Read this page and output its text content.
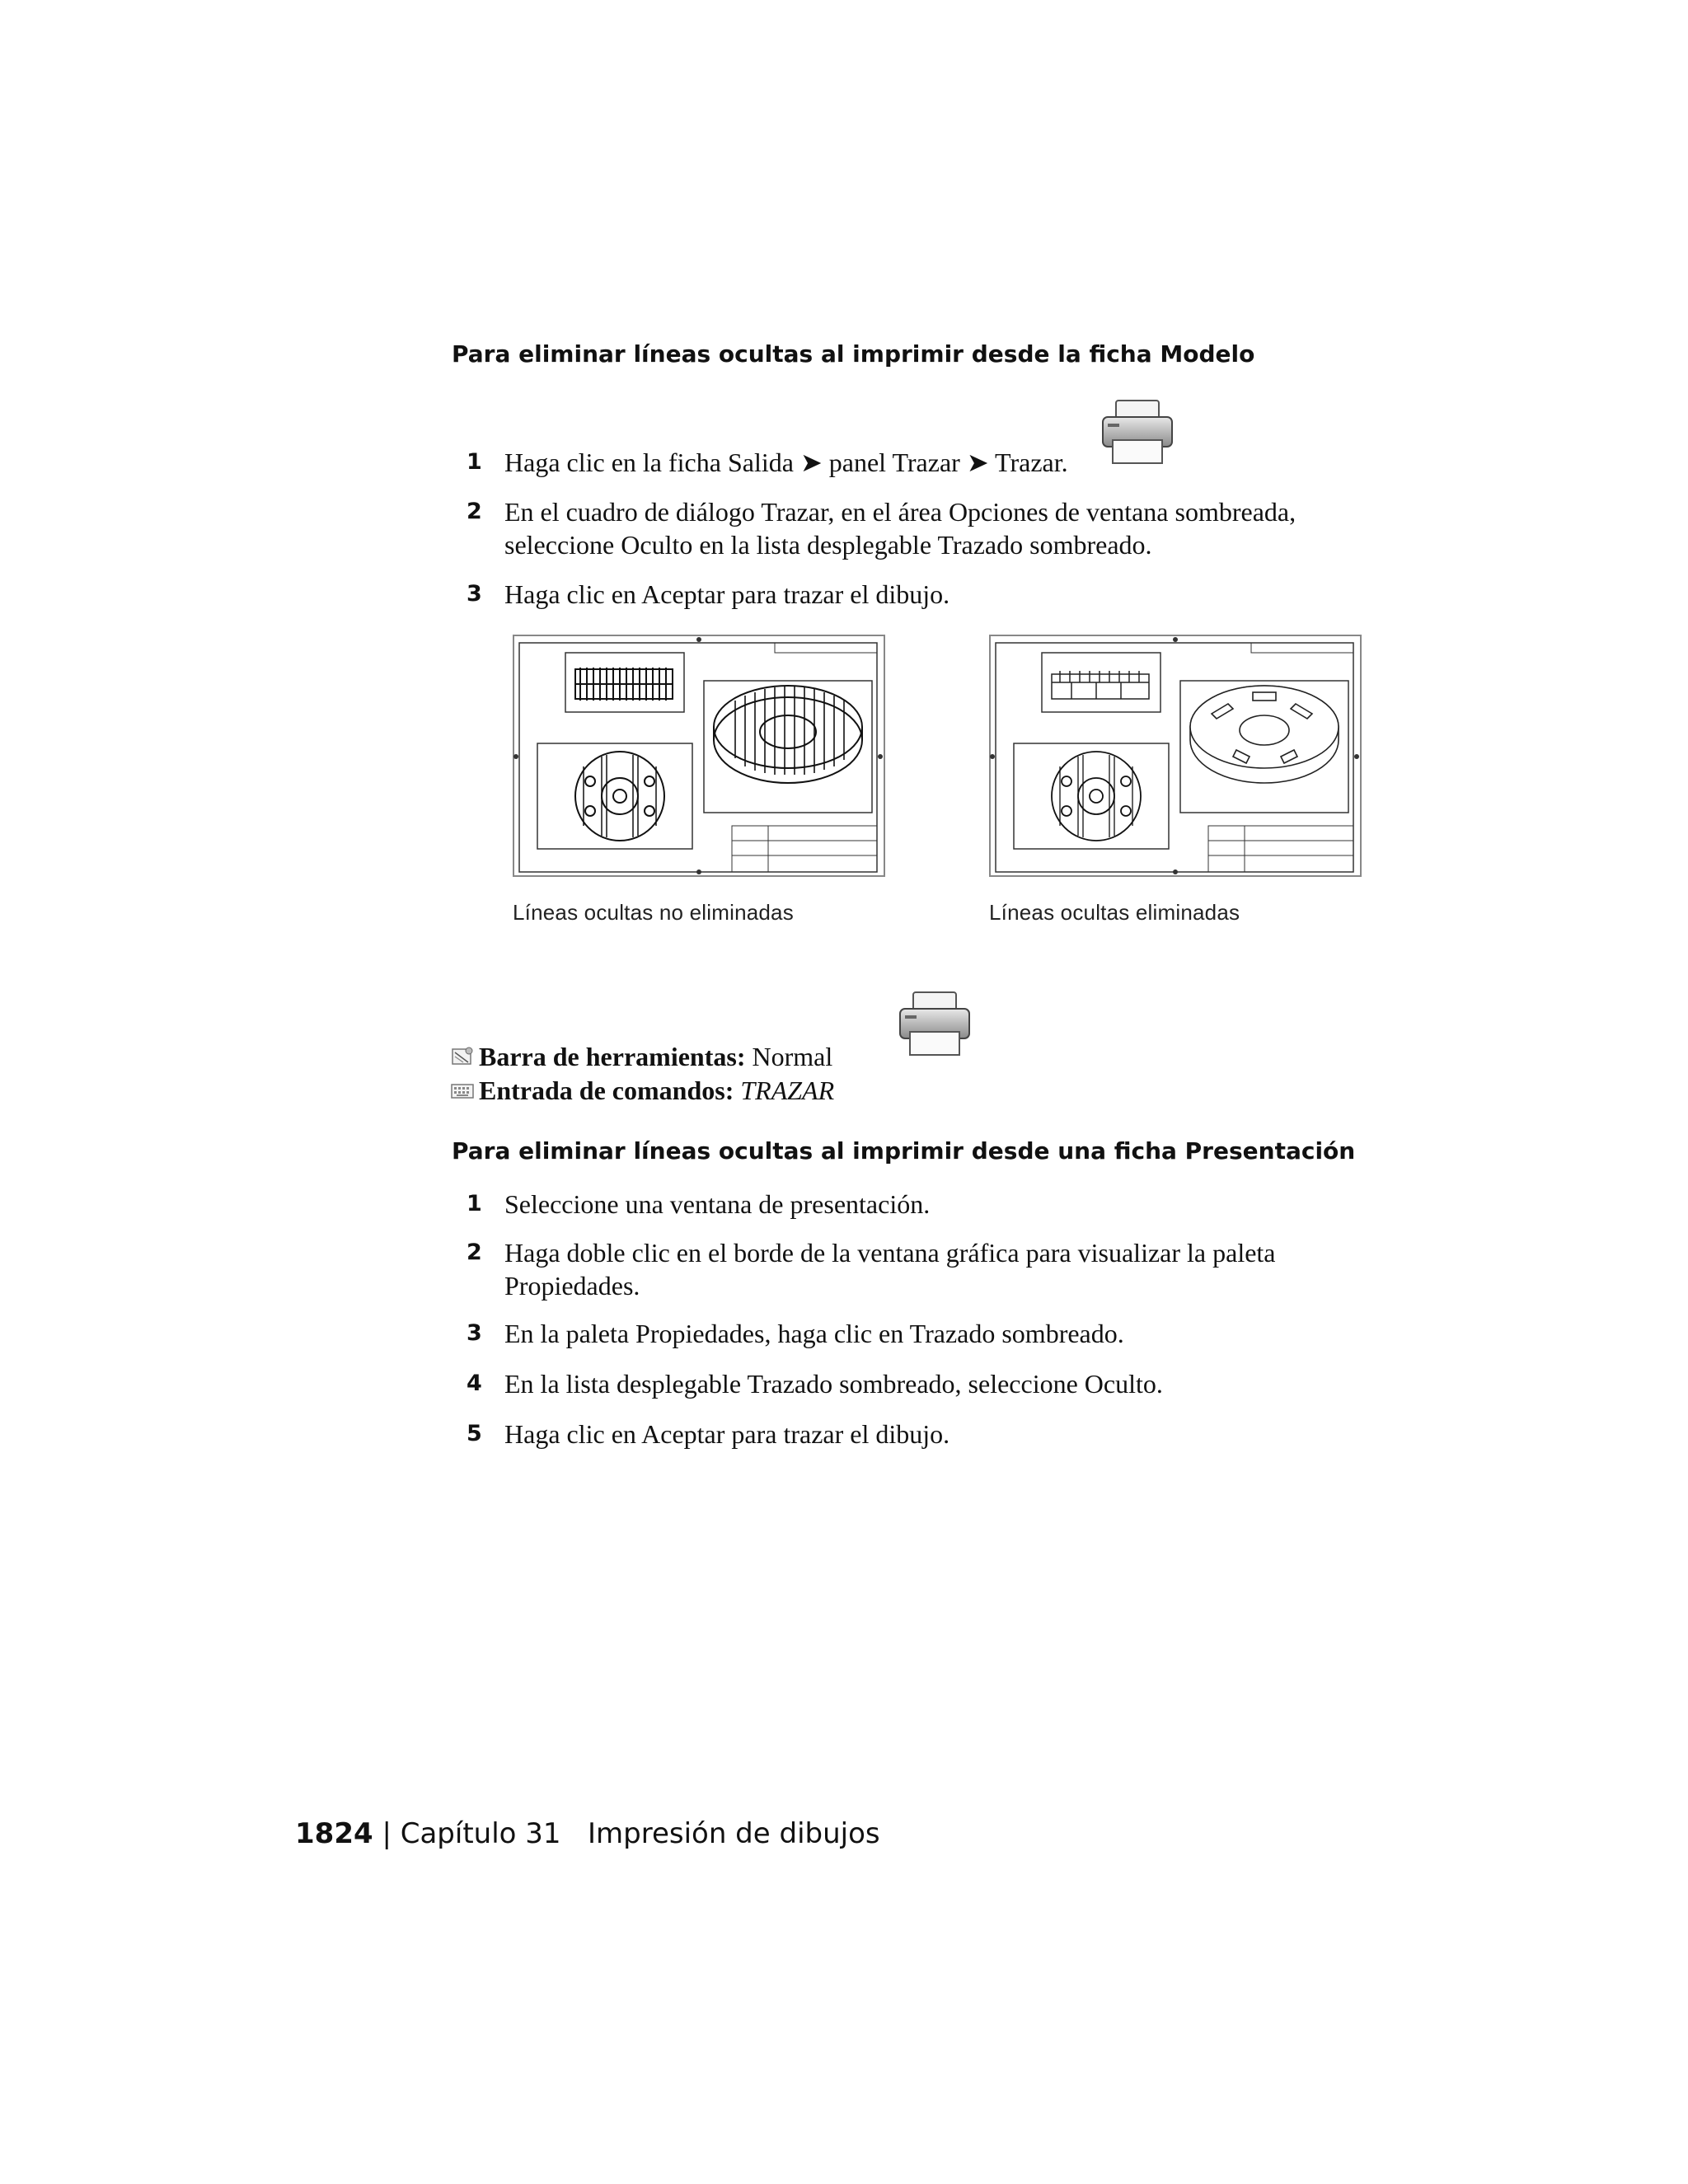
Para eliminar líneas ocultas al imprimir desde la ficha Modelo
1 Haga clic en la ficha Salida ➤ panel Trazar ➤ Trazar.
2 En el cuadro de diálogo Trazar, en el área Opciones de ventana sombreada,
seleccione Oculto en la lista desplegable Trazado sombreado.
3 Haga clic en Aceptar para trazar el dibujo.
Líneas ocultas no eliminadas	Líneas ocultas eliminadas
Barra de herramientas: Normal
Entrada de comandos: TRAZAR
Para eliminar líneas ocultas al imprimir desde una ficha Presentación
1 Seleccione una ventana de presentación.
2 Haga doble clic en el borde de la ventana gráfica para visualizar la paleta
Propiedades.
3 En la paleta Propiedades, haga clic en Trazado sombreado.
4 En la lista desplegable Trazado sombreado, seleccione Oculto.
5 Haga clic en Aceptar para trazar el dibujo.
1824 | Capítulo 31 Impresión de dibujos
